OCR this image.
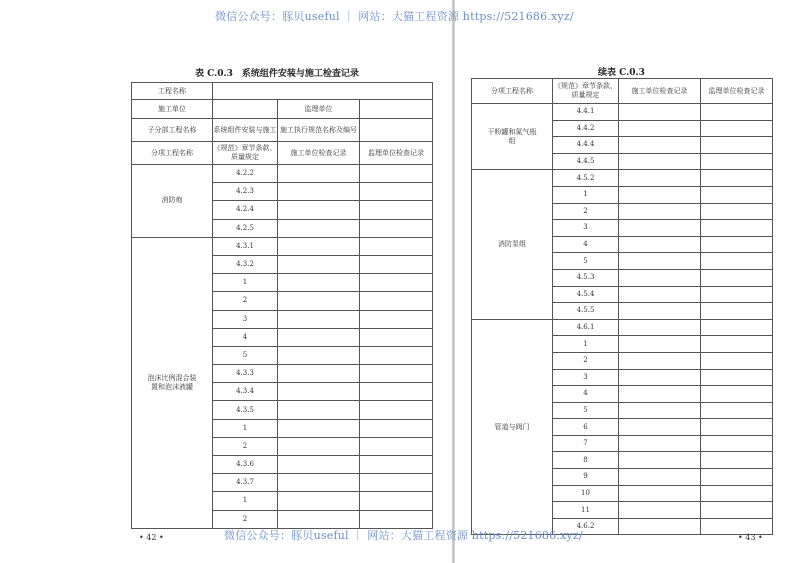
微信公众号：豚贝useful ｜ 网站：大猫工程资源 https://521686.xyz/
表 C.0.3　系统组件安装与施工检查记录
工程名称			
施工单位		监理单位	
子分部工程名称	系统组件安装与施工	施工执行规范名称及编号	
分项工程名称	《规范》章节条款、质量规定	施工单位检查记录	监理单位检查记录
消防炮	4.2.2		
	4.2.3		
	4.2.4		
	4.2.5		
泡沫比例混合装置和泡沫液罐	4.3.1		
	4.3.2		
	1		
	2		
	3		
	4		
	5		
	4.3.3		
	4.3.4		
	4.3.5		
	1		
	2		
	4.3.6		
	4.3.7		
	1		
	2		
• 42 •
续表 C.0.3
分项工程名称	《规范》章节条款、质量规定	施工单位检查记录	监理单位检查记录
干粉罐和氮气瓶组	4.4.1		
	4.4.2		
	4.4.4		
	4.4.5		
消防泵组	4.5.2		
	1		
	2		
	3		
	4		
	5		
	4.5.3		
	4.5.4		
	4.5.5		
管道与阀门	4.6.1		
	1		
	2		
	3		
	4		
	5		
	6		
	7		
	8		
	9		
	10		
	11		
	4.6.2		
• 43 •
微信公众号：豚贝useful ｜ 网站：大猫工程资源 https://521686.xyz/
